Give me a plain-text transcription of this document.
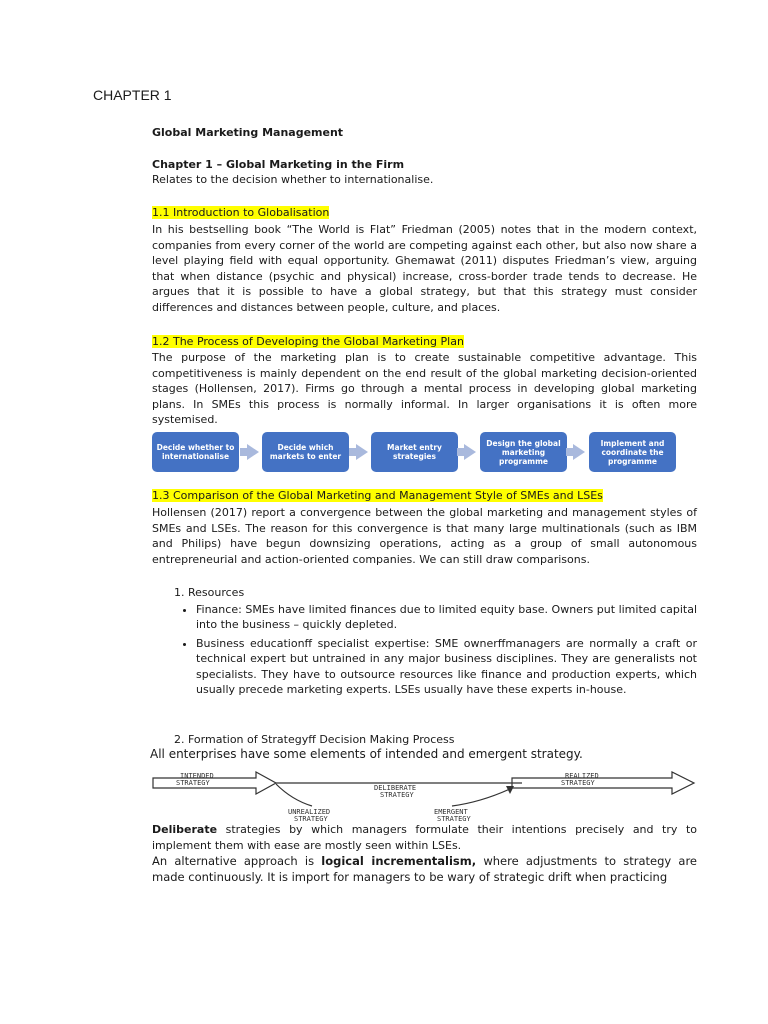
CHAPTER 1
Global Marketing Management
Chapter 1 – Global Marketing in the Firm
Relates to the decision whether to internationalise.
1.1 Introduction to Globalisation

In his bestselling book “The World is Flat” Friedman (2005) notes that in the modern context, companies from every corner of the world are competing against each other, but also now share a level playing field with equal opportunity. Ghemawat (2011) disputes Friedman’s view, arguing that when distance (psychic and physical) increase, cross-border trade tends to decrease. He argues that it is possible to have a global strategy, but that this strategy must consider differences and distances between people, culture, and places.

1.2 The Process of Developing the Global Marketing Plan

The purpose of the marketing plan is to create sustainable competitive advantage. This competitiveness is mainly dependent on the end result of the global marketing decision-oriented stages (Hollensen, 2017). Firms go through a mental process in developing global marketing plans. In SMEs this process is normally informal. In larger organisations it is often more systemised.

Decide whether to internationalise
Decide which markets to enter
Market entry strategies
Design the global marketing programme
Implement and coordinate the programme
1.3 Comparison of the Global Marketing and Management Style of SMEs and LSEs

Hollensen (2017) report a convergence between the global marketing and management styles of SMEs and LSEs. The reason for this convergence is that many large multinationals (such as IBM and Philips) have begun downsizing operations, acting as a group of small autonomous entrepreneurial and action-oriented companies. We can still draw comparisons.

1. Resources
• Finance: SMEs have limited finances due to limited equity base. Owners put limited capital into the business – quickly depleted.
• Business educationff specialist expertise: SME ownerffmanagers are normally a craft or technical expert but untrained in any major business disciplines. They are generalists not specialists. They have to outsource resources like finance and production experts, which usually precede marketing experts. LSEs usually have these experts in-house.
2. Formation of Strategyff Decision Making Process
All enterprises have some elements of intended and emergent strategy.
INTENDED
STRATEGY
DELIBERATE
STRATEGY
REALIZED
STRATEGY
UNREALIZED
STRATEGY
EMERGENT
STRATEGY

Deliberate strategies by which managers formulate their intentions precisely and try to implement them with ease are mostly seen within LSEs.

An alternative approach is logical incrementalism, where adjustments to strategy are made continuously. It is import for managers to be wary of strategic drift when practicing
